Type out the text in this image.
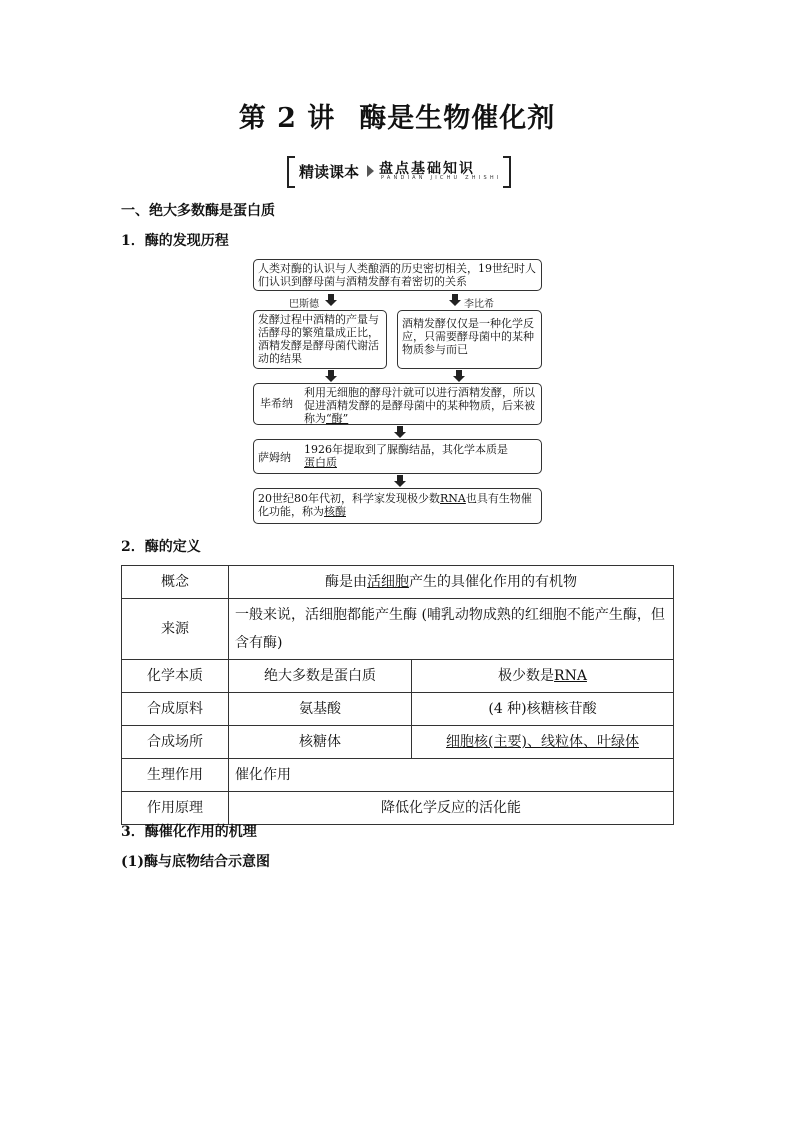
第 2 讲 酶是生物催化剂
精读课本 盘点基础知识
PANDIAN JICHU ZHISHI
一、绝大多数酶是蛋白质
1．酶的发现历程
人类对酶的认识与人类酿酒的历史密切相关，19世纪时人们认识到酵母菌与酒精发酵有着密切的关系
巴斯德	李比希
发酵过程中酒精的产量与活酵母的繁殖量成正比，酒精发酵是酵母菌代谢活动的结果
酒精发酵仅仅是一种化学反应，只需要酵母菌中的某种物质参与而已
毕希纳
利用无细胞的酵母汁就可以进行酒精发酵，所以促进酒精发酵的是酵母菌中的某种物质，后来被称为“酶”
萨姆纳
1926年提取到了脲酶结晶，其化学本质是
蛋白质
20世纪80年代初，科学家发现极少数RNA也具有生物催化功能，称为核酶
2．酶的定义
概念	酶是由活细胞产生的具催化作用的有机物	
来源	一般来说，活细胞都能产生酶 (哺乳动物成熟的红细胞不能产生酶，但含有酶)	
化学本质	绝大多数是蛋白质	极少数是RNA
合成原料	氨基酸	(4 种)核糖核苷酸
合成场所	核糖体	细胞核(主要)、线粒体、叶绿体
生理作用	催化作用	
作用原理	降低化学反应的活化能	
3．酶催化作用的机理
(1)酶与底物结合示意图
